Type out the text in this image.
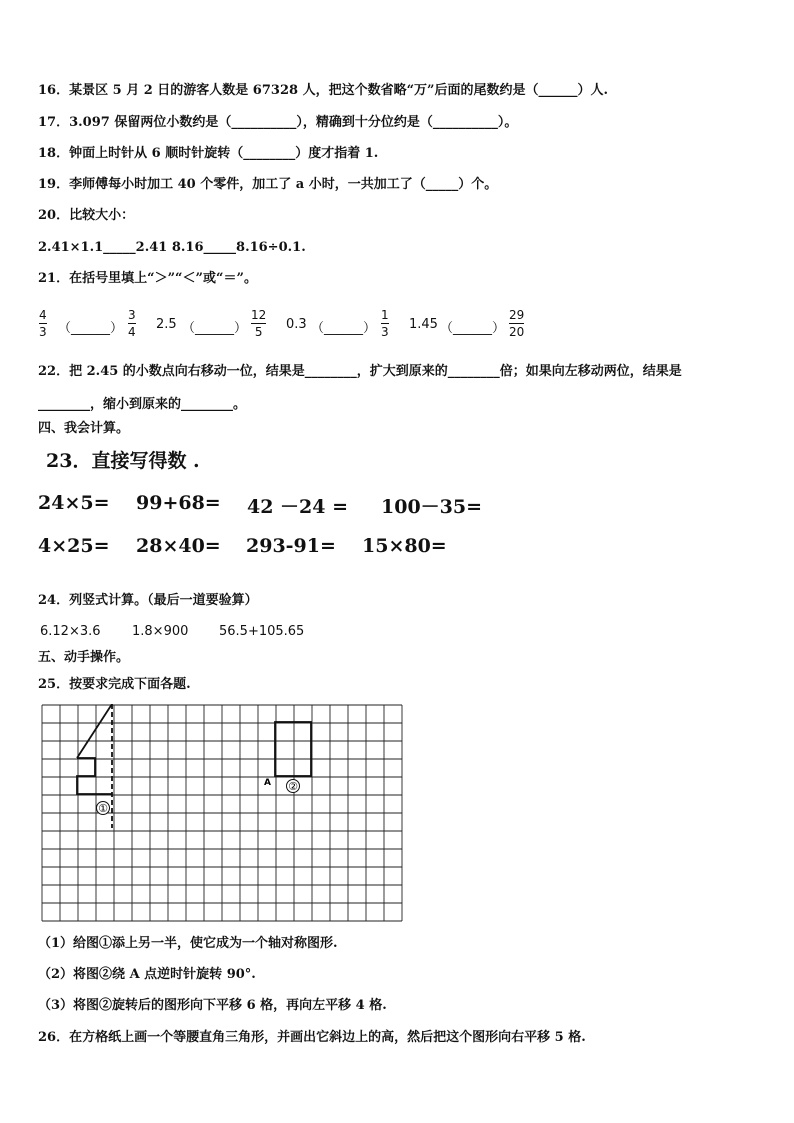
16．某景区 5 月 2 日的游客人数是 67328 人，把这个数省略“万”后面的尾数约是（______）人.
17．3.097 保留两位小数约是（__________），精确到十分位约是（__________）。
18．钟面上时针从 6 顺时针旋转（________）度才指着 1.
19．李师傅每小时加工 40 个零件，加工了 a 小时，一共加工了（_____）个。
20．比较大小：
2.41×1.1_____2.41 8.16_____8.16÷0.1.
21．在括号里填上“＞”“＜”或“＝”。
4
3 （______）
3
4 2.5 （______）
12
5 0.3 （______）
1
3 1.45 （______）
29
20
22．把 2.45 的小数点向右移动一位，结果是________，扩大到原来的________倍；如果向左移动两位，结果是
________，缩小到原来的________。
四、我会计算。
23．直接写得数 .
24×5= 99+68= 42 －24 = 100－35=
4×25= 28×40= 293-91= 15×80=
24．列竖式计算。（最后一道要验算）
6.12×3.6 1.8×900 56.5+105.65
五、动手操作。
25．按要求完成下面各题.
①
A ②
（1）给图①添上另一半，使它成为一个轴对称图形.
（2）将图②绕 A 点逆时针旋转 90°.
（3）将图②旋转后的图形向下平移 6 格，再向左平移 4 格.
26．在方格纸上画一个等腰直角三角形，并画出它斜边上的高，然后把这个图形向右平移 5 格.
